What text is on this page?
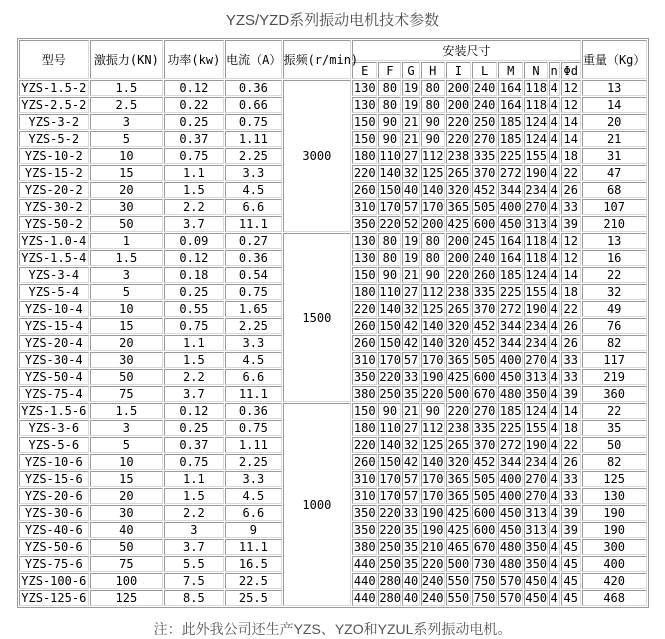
YZS/YZD系列振动电机技术参数
型号	激振力(KN)	功率(kw)	电流（A）	振频(r/min)	安装尺寸										重量（Kg）
					E	F	G	H	I	L	M	N	n	Φd	
YZS-1.5-2	1.5	0.12	0.36	3000	130	80	19	80	200	240	164	118	4	12	13
YZS-2.5-2	2.5	0.22	0.66		130	80	19	80	200	240	164	118	4	12	14
YZS-3-2	3	0.25	0.75		150	90	21	90	220	250	185	124	4	14	20
YZS-5-2	5	0.37	1.11		150	90	21	90	220	270	185	124	4	14	21
YZS-10-2	10	0.75	2.25		180	110	27	112	238	335	225	155	4	18	31
YZS-15-2	15	1.1	3.3		220	140	32	125	265	370	272	190	4	22	47
YZS-20-2	20	1.5	4.5		260	150	40	140	320	452	344	234	4	26	68
YZS-30-2	30	2.2	6.6		310	170	57	170	365	505	400	270	4	33	107
YZS-50-2	50	3.7	11.1		350	220	52	200	425	600	450	313	4	39	210
YZS-1.0-4	1	0.09	0.27	1500	130	80	19	80	200	245	164	118	4	12	13
YZS-1.5-4	1.5	0.12	0.36		130	80	19	80	200	240	164	118	4	12	16
YZS-3-4	3	0.18	0.54		150	90	21	90	220	260	185	124	4	14	22
YZS-5-4	5	0.25	0.75		180	110	27	112	238	335	225	155	4	18	32
YZS-10-4	10	0.55	1.65		220	140	32	125	265	370	272	190	4	22	49
YZS-15-4	15	0.75	2.25		260	150	42	140	320	452	344	234	4	26	76
YZS-20-4	20	1.1	3.3		260	150	42	140	320	452	344	234	4	26	82
YZS-30-4	30	1.5	4.5		310	170	57	170	365	505	400	270	4	33	117
YZS-50-4	50	2.2	6.6		350	220	33	190	425	600	450	313	4	33	219
YZS-75-4	75	3.7	11.1		380	250	35	220	500	670	480	350	4	39	360
YZS-1.5-6	1.5	0.12	0.36	1000	150	90	21	90	220	270	185	124	4	14	22
YZS-3-6	3	0.25	0.75		180	110	27	112	238	335	225	155	4	18	35
YZS-5-6	5	0.37	1.11		220	140	32	125	265	370	272	190	4	22	50
YZS-10-6	10	0.75	2.25		260	150	42	140	320	452	344	234	4	26	82
YZS-15-6	15	1.1	3.3		310	170	57	170	365	505	400	270	4	33	125
YZS-20-6	20	1.5	4.5		310	170	57	170	365	505	400	270	4	33	130
YZS-30-6	30	2.2	6.6		350	220	33	190	425	600	450	313	4	39	190
YZS-40-6	40	3	9		350	220	35	190	425	600	450	313	4	39	190
YZS-50-6	50	3.7	11.1		380	250	35	210	465	670	480	350	4	45	300
YZS-75-6	75	5.5	16.5		440	250	35	220	500	730	480	350	4	45	400
YZS-100-6	100	7.5	22.5		440	280	40	240	550	750	570	450	4	45	420
YZS-125-6	125	8.5	25.5		440	280	40	240	550	750	570	450	4	45	468
注：此外我公司还生产YZS、YZO和YZUL系列振动电机。
